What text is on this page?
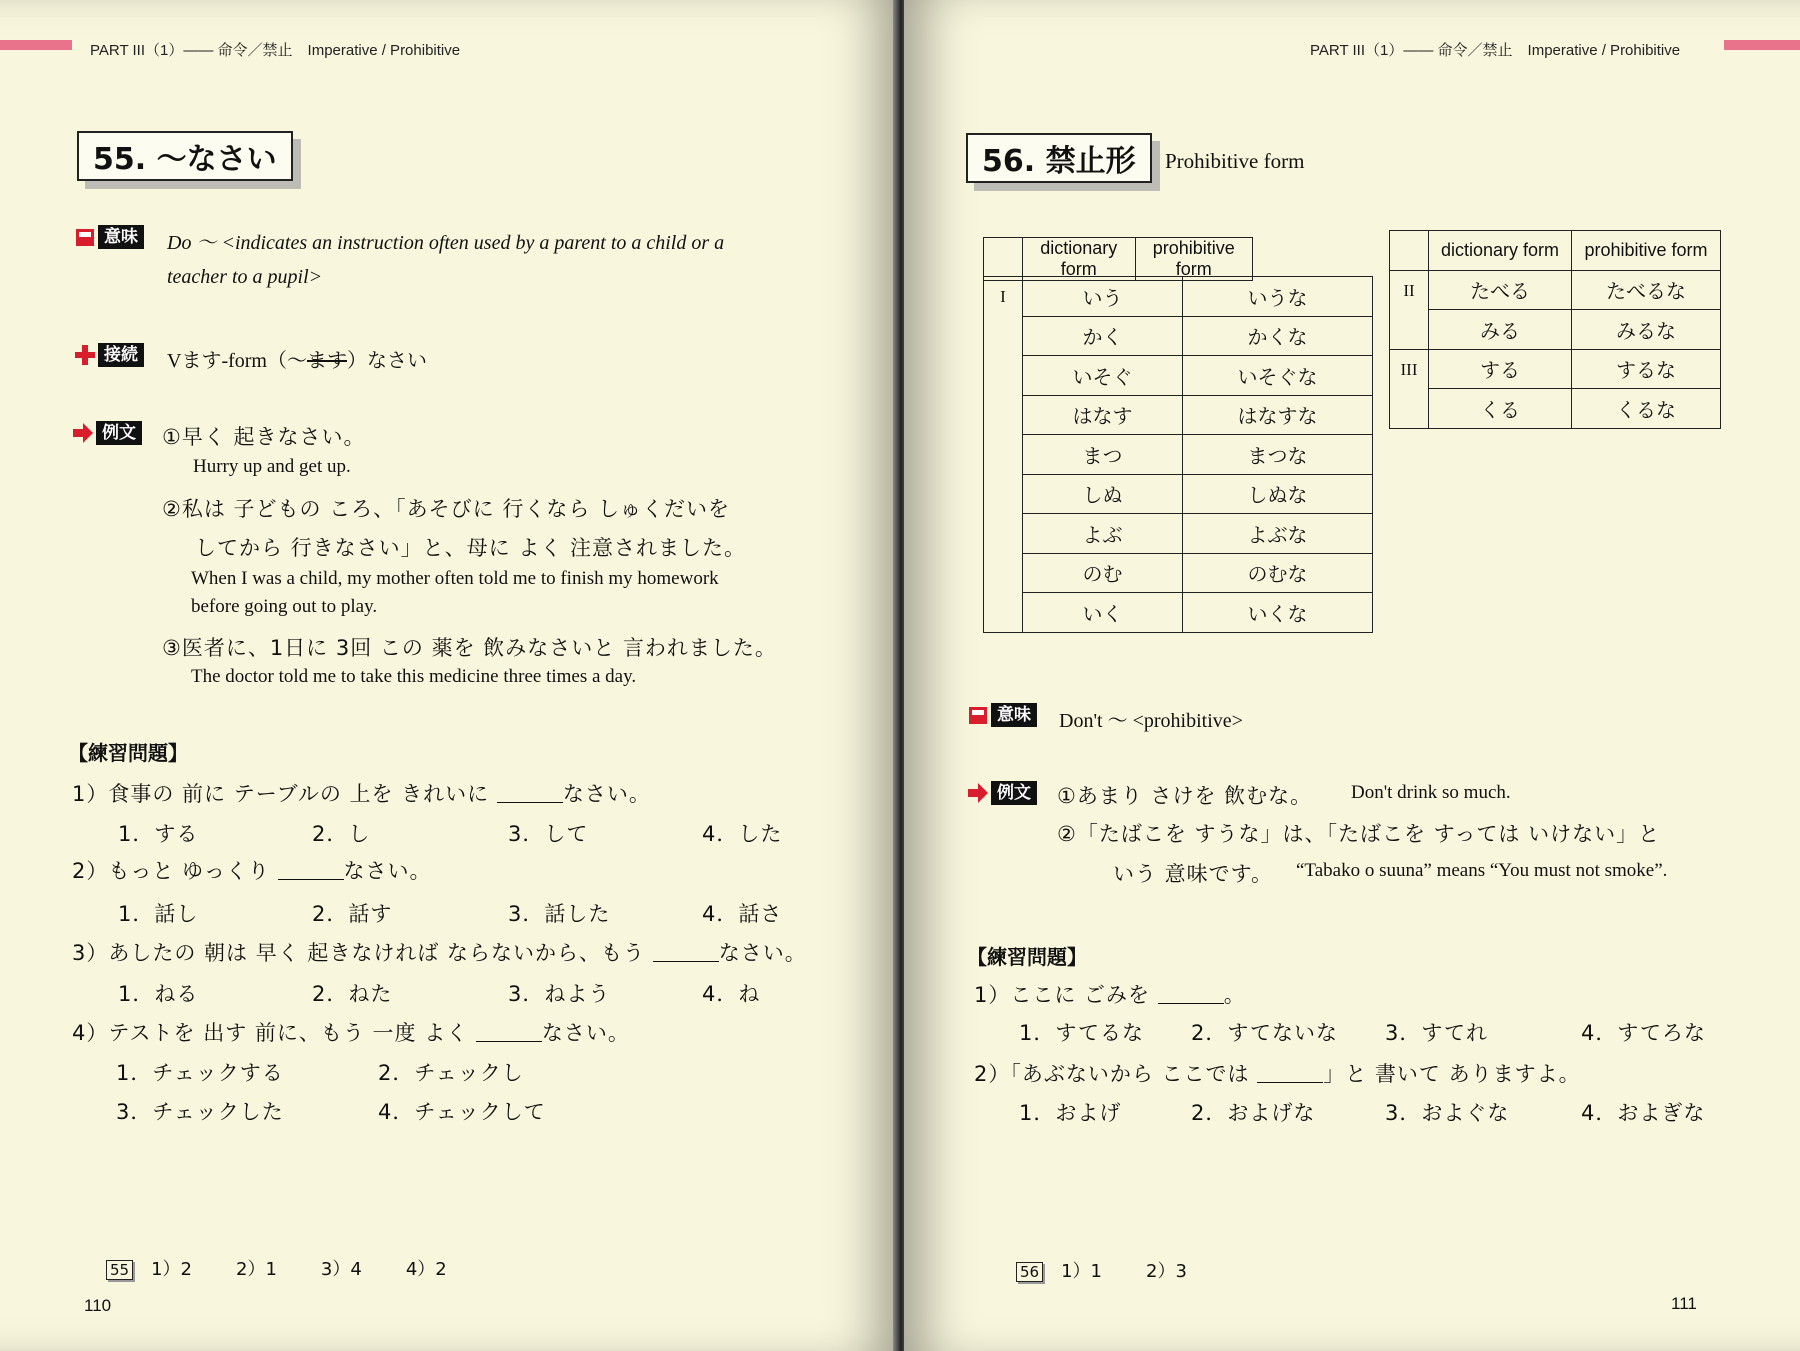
PART III（1）―― 命令／禁止　Imperative / Prohibitive
55. ～なさい
意味	Do ～ <indicates an instruction often used by a parent to a child or a
teacher to a pupil>
接続	Vます-form（～ます）なさい
例文 ①早く 起きなさい。
Hurry up and get up.
②私は 子どもの ころ、「あそびに 行くなら しゅくだいを
してから 行きなさい」と、母に よく 注意されました。
When I was a child, my mother often told me to finish my homework
before going out to play.
③医者に、1日に 3回 この 薬を 飲みなさいと 言われました。
The doctor told me to take this medicine three times a day.
【練習問題】
1）食事の 前に テーブルの 上を きれいに	なさい。
1．する	2．し	3．して	4．した
2）もっと ゆっくり	なさい。
1．話し	2．話す	3．話した	4．話さ
3）あしたの 朝は 早く 起きなければ ならないから、もう	なさい。
1．ねる	2．ねた	3．ねよう	4．ね
4）テストを 出す 前に、もう 一度 よく	なさい。
1．チェックする	2．チェックし
3．チェックした	4．チェックして
55 1）2 2）1 3）4 4）2
110
PART III（1）―― 命令／禁止　Imperative / Prohibitive
56. 禁止形	Prohibitive form
	dictionary form	prohibitive form
I	いう	いうな
	かく	かくな
	いそぐ	いそぐな
	はなす	はなすな
	まつ	まつな
	しぬ	しぬな
	よぶ	よぶな
	のむ	のむな
	いく	いくな
	dictionary form	prohibitive form
II	たべる	たべるな
	みる	みるな
III	する	するな
	くる	くるな
意味	Don't ～ <prohibitive>
例文 ①あまり さけを 飲むな。 Don't drink so much.
②「たばこを すうな」は、「たばこを すっては いけない」と
いう 意味です。 “Tabako o suuna” means “You must not smoke”.
【練習問題】
1）ここに ごみを	。
1．すてるな 2．すてないな 3．すてれ	4．すてろな
2）「あぶないから ここでは	」と 書いて ありますよ。
1．およげ	2．およげな	3．およぐな	4．およぎな
56 1）1 2）3
111
